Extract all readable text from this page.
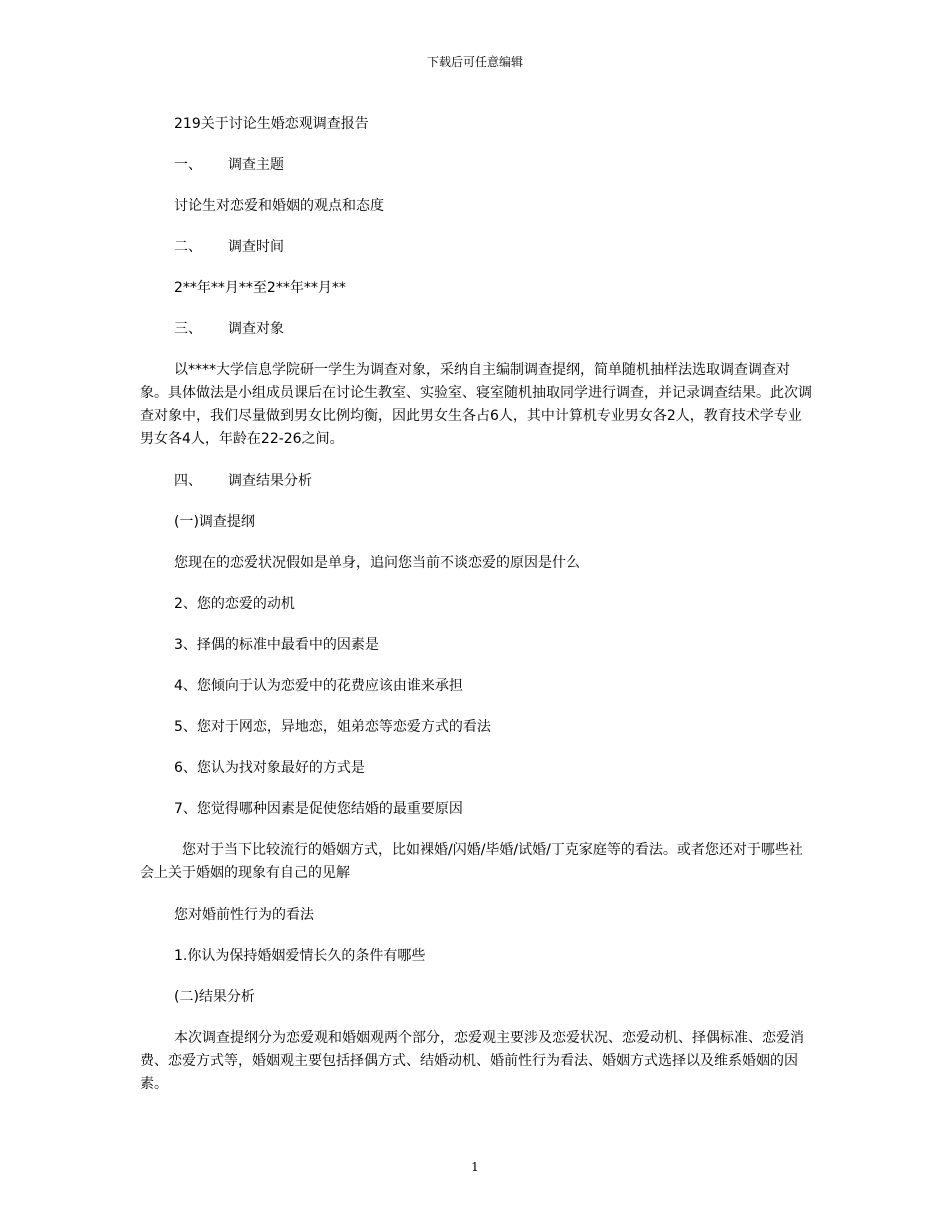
下载后可任意编辑

219关于讨论生婚恋观调查报告

一、 调查主题

讨论生对恋爱和婚姻的观点和态度

二、 调查时间

2**年**月**至2**年**月**

三、 调查对象

以****大学信息学院研一学生为调查对象，采纳自主编制调查提纲，简单随机抽样法选取调查调查对象。具体做法是小组成员课后在讨论生教室、实验室、寝室随机抽取同学进行调查，并记录调查结果。此次调查对象中，我们尽量做到男女比例均衡，因此男女生各占6人，其中计算机专业男女各2人，教育技术学专业男女各4人，年龄在22-26之间。

四、 调查结果分析

(一)调查提纲

您现在的恋爱状况假如是单身，追问您当前不谈恋爱的原因是什么

2、您的恋爱的动机

3、择偶的标准中最看中的因素是

4、您倾向于认为恋爱中的花费应该由谁来承担

5、您对于网恋，异地恋，姐弟恋等恋爱方式的看法

6、您认为找对象最好的方式是

7、您觉得哪种因素是促使您结婚的最重要原因

您对于当下比较流行的婚姻方式，比如裸婚/闪婚/毕婚/试婚/丁克家庭等的看法。或者您还对于哪些社会上关于婚姻的现象有自己的见解

您对婚前性行为的看法

1.你认为保持婚姻爱情长久的条件有哪些

(二)结果分析

本次调查提纲分为恋爱观和婚姻观两个部分，恋爱观主要涉及恋爱状况、恋爱动机、择偶标准、恋爱消费、恋爱方式等，婚姻观主要包括择偶方式、结婚动机、婚前性行为看法、婚姻方式选择以及维系婚姻的因素。

1
